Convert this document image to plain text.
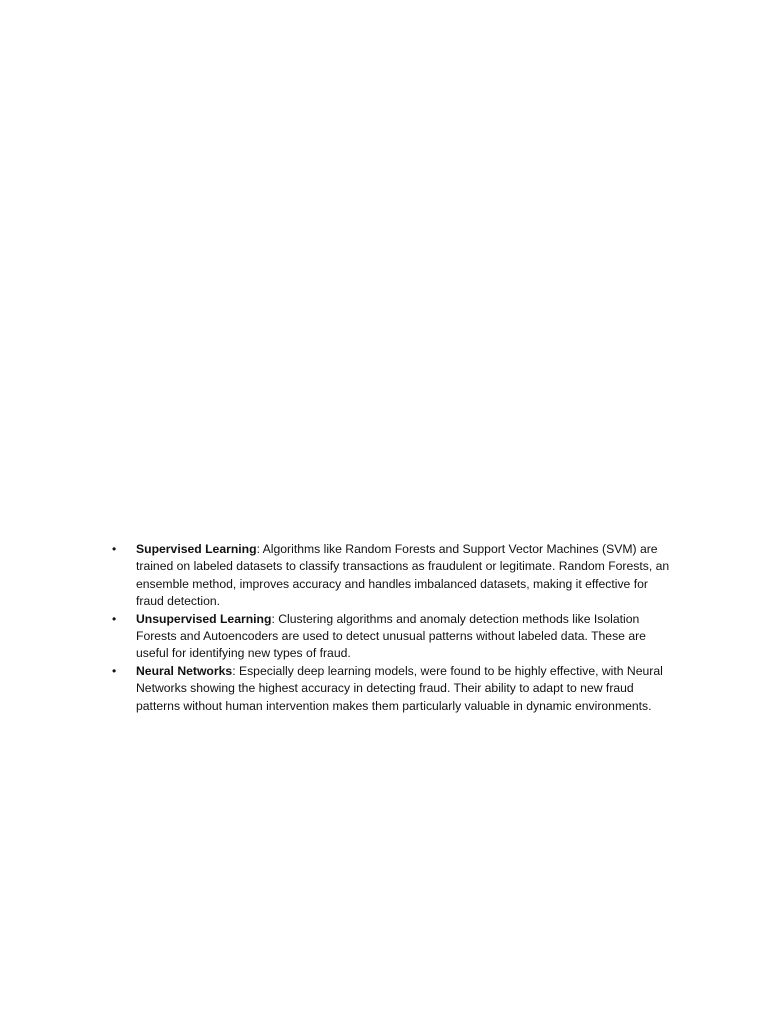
•	Supervised Learning: Algorithms like Random Forests and Support Vector Machines (SVM) are trained on labeled datasets to classify transactions as fraudulent or legitimate. Random Forests, an ensemble method, improves accuracy and handles imbalanced datasets, making it effective for fraud detection.
•	Unsupervised Learning: Clustering algorithms and anomaly detection methods like Isolation Forests and Autoencoders are used to detect unusual patterns without labeled data. These are useful for identifying new types of fraud.
•	Neural Networks: Especially deep learning models, were found to be highly effective, with Neural Networks showing the highest accuracy in detecting fraud. Their ability to adapt to new fraud patterns without human intervention makes them particularly valuable in dynamic environments.
